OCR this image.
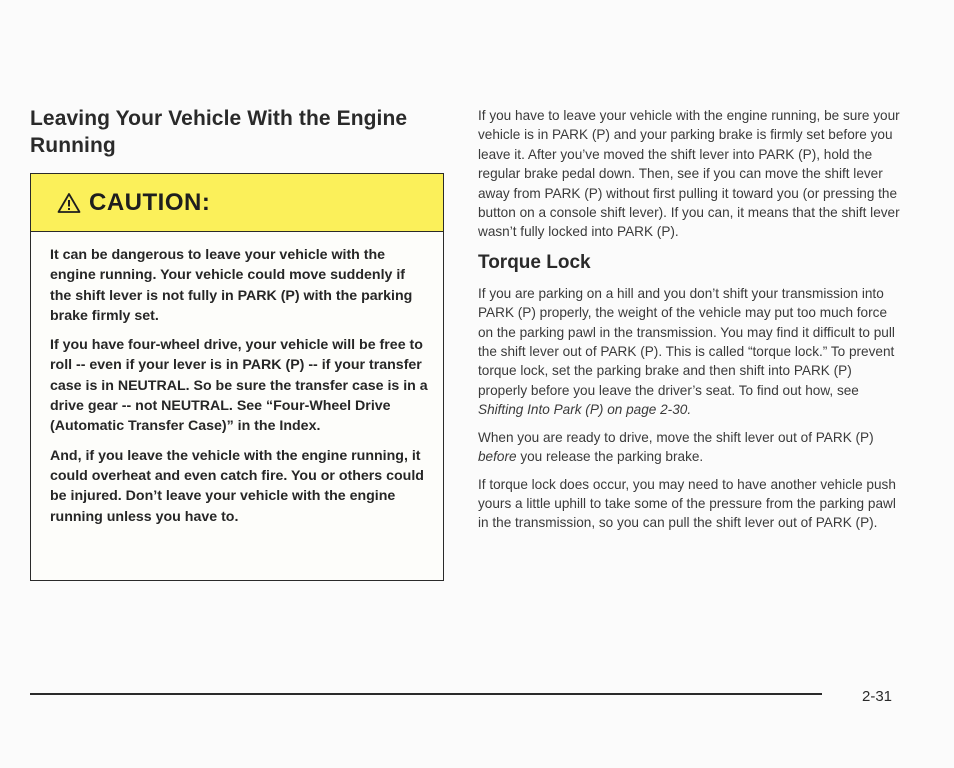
Leaving Your Vehicle With the Engine Running
CAUTION:

It can be dangerous to leave your vehicle with the engine running. Your vehicle could move suddenly if the shift lever is not fully in PARK (P) with the parking brake firmly set.

If you have four-wheel drive, your vehicle will be free to roll -- even if your lever is in PARK (P) -- if your transfer case is in NEUTRAL. So be sure the transfer case is in a drive gear -- not NEUTRAL. See “Four-Wheel Drive (Automatic Transfer Case)” in the Index.

And, if you leave the vehicle with the engine running, it could overheat and even catch fire. You or others could be injured. Don’t leave your vehicle with the engine running unless you have to.

If you have to leave your vehicle with the engine running, be sure your vehicle is in PARK (P) and your parking brake is firmly set before you leave it. After you’ve moved the shift lever into PARK (P), hold the regular brake pedal down. Then, see if you can move the shift lever away from PARK (P) without first pulling it toward you (or pressing the button on a console shift lever). If you can, it means that the shift lever wasn’t fully locked into PARK (P).

Torque Lock

If you are parking on a hill and you don’t shift your transmission into PARK (P) properly, the weight of the vehicle may put too much force on the parking pawl in the transmission. You may find it difficult to pull the shift lever out of PARK (P). This is called “torque lock.” To prevent torque lock, set the parking brake and then shift into PARK (P) properly before you leave the driver’s seat. To find out how, see Shifting Into Park (P) on page 2-30.

When you are ready to drive, move the shift lever out of PARK (P) before you release the parking brake.

If torque lock does occur, you may need to have another vehicle push yours a little uphill to take some of the pressure from the parking pawl in the transmission, so you can pull the shift lever out of PARK (P).

2-31
